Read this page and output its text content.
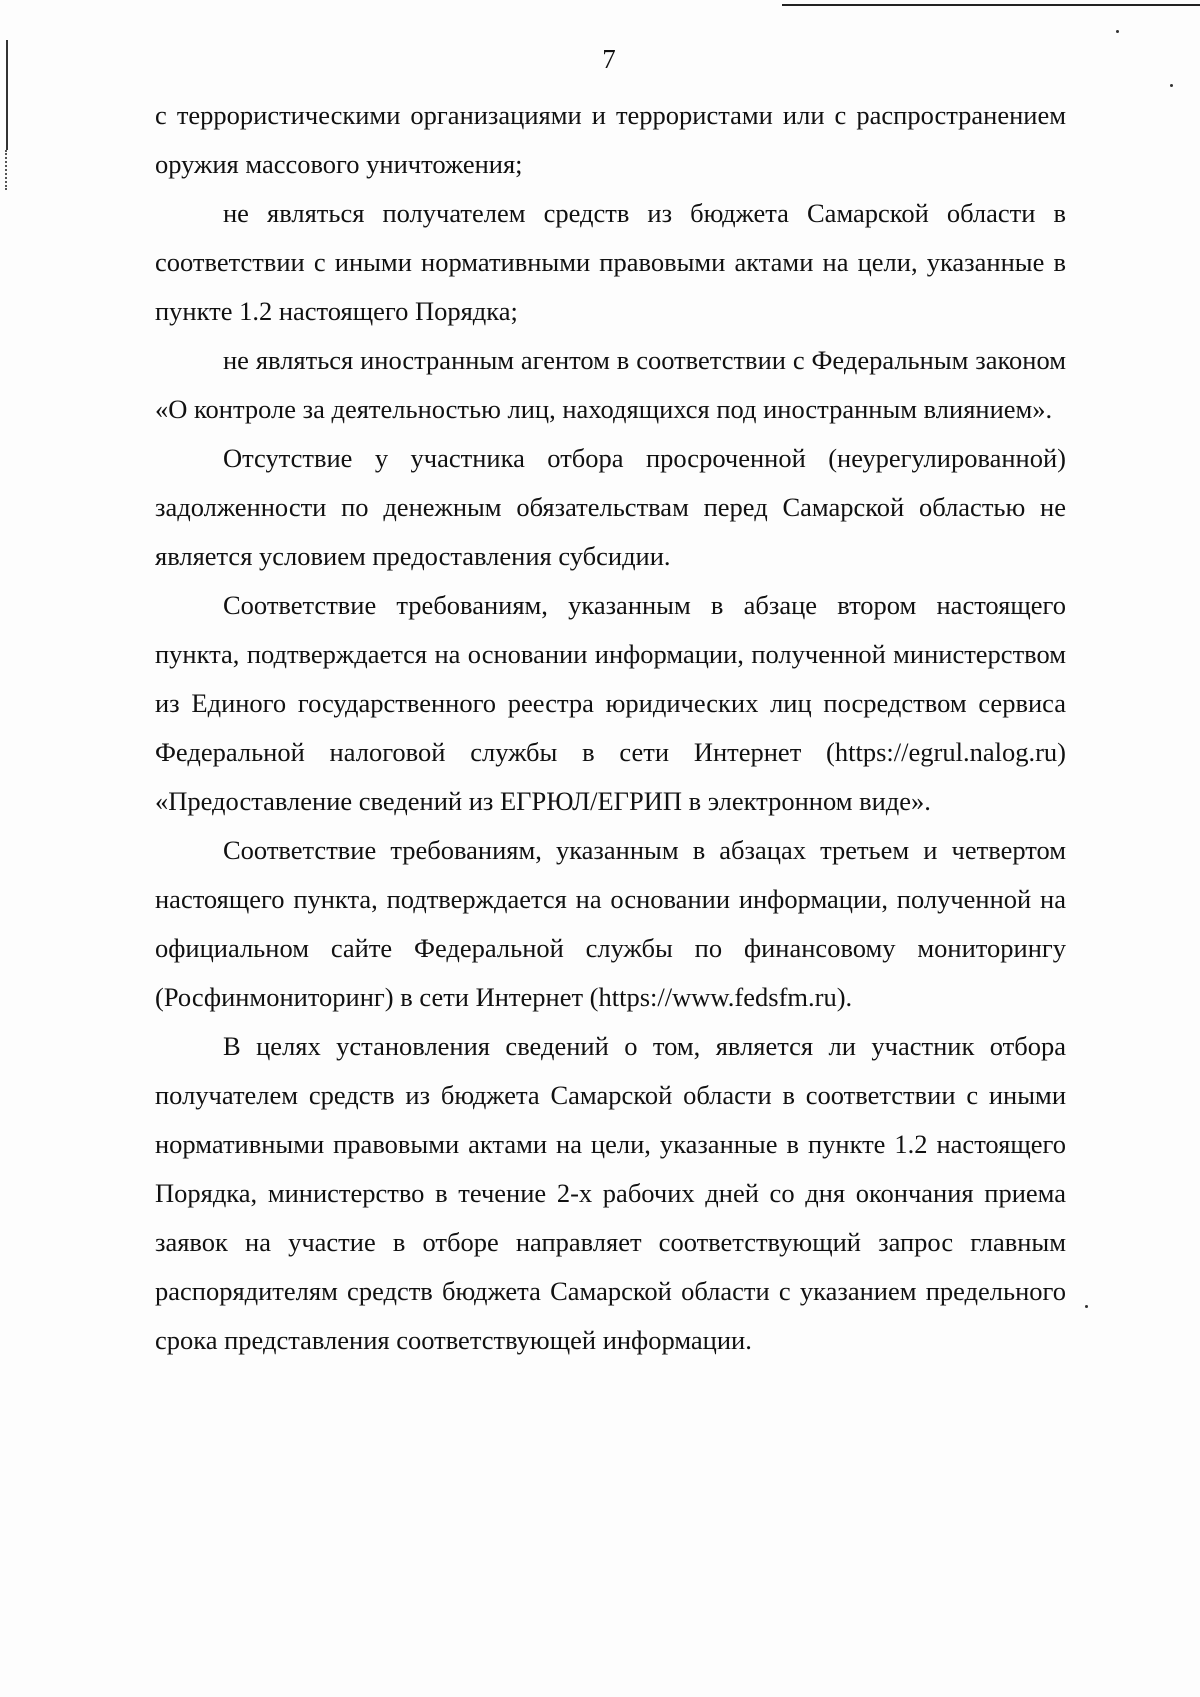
7

с террористическими организациями и террористами или с распространением оружия массового уничтожения;

не являться получателем средств из бюджета Самарской области в соответствии с иными нормативными правовыми актами на цели, указанные в пункте 1.2 настоящего Порядка;

не являться иностранным агентом в соответствии с Федеральным законом «О контроле за деятельностью лиц, находящихся под иностранным влиянием».

Отсутствие у участника отбора просроченной (неурегулированной) задолженности по денежным обязательствам перед Самарской областью не является условием предоставления субсидии.

Соответствие требованиям, указанным в абзаце втором настоящего пункта, подтверждается на основании информации, полученной министерством из Единого государственного реестра юридических лиц посредством сервиса Федеральной налоговой службы в сети Интернет (https://egrul.nalog.ru) «Предоставление сведений из ЕГРЮЛ/ЕГРИП в электронном виде».

Соответствие требованиям, указанным в абзацах третьем и четвертом настоящего пункта, подтверждается на основании информации, полученной на официальном сайте Федеральной службы по финансовому мониторингу (Росфинмониторинг) в сети Интернет (https://www.fedsfm.ru).

В целях установления сведений о том, является ли участник отбора получателем средств из бюджета Самарской области в соответствии с иными нормативными правовыми актами на цели, указанные в пункте 1.2 настоящего Порядка, министерство в течение 2-х рабочих дней со дня окончания приема заявок на участие в отборе направляет соответствующий запрос главным распорядителям средств бюджета Самарской области с указанием предельного срока представления соответствующей информации.
